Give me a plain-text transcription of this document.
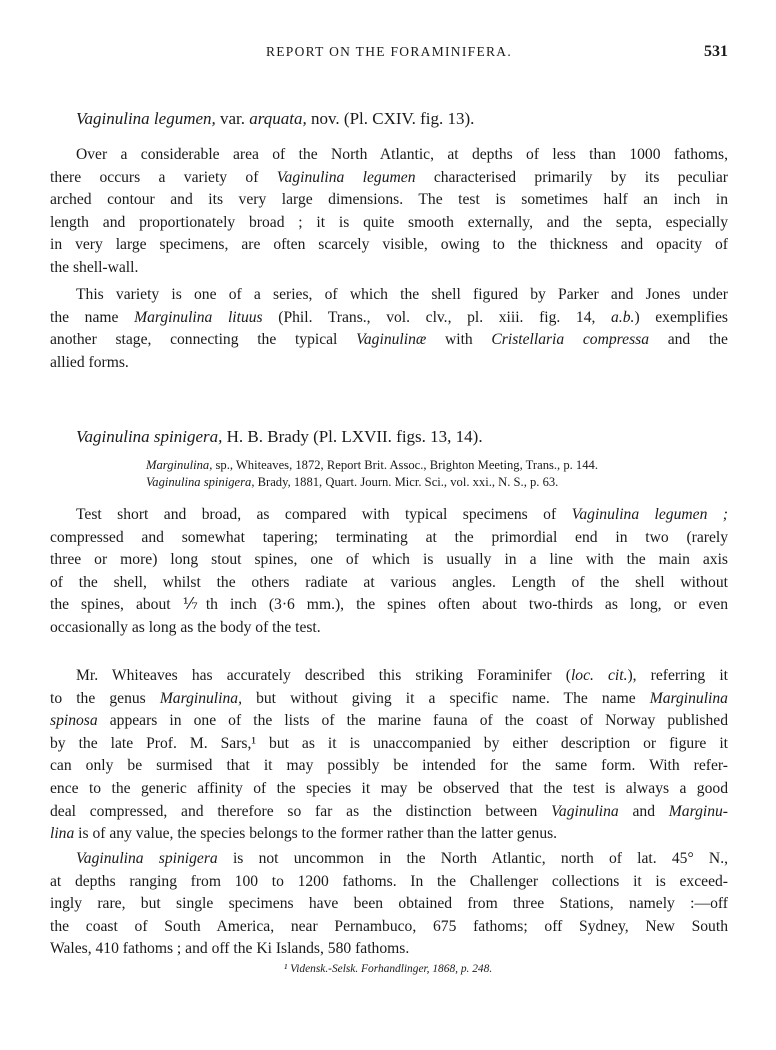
REPORT ON THE FORAMINIFERA.	531
Vaginulina legumen, var. arquata, nov. (Pl. CXIV. fig. 13).
Over a considerable area of the North Atlantic, at depths of less than 1000 fathoms,
there occurs a variety of Vaginulina legumen characterised primarily by its peculiar
arched contour and its very large dimensions. The test is sometimes half an inch in
length and proportionately broad ; it is quite smooth externally, and the septa, especially
in very large specimens, are often scarcely visible, owing to the thickness and opacity of
the shell-wall.
This variety is one of a series, of which the shell figured by Parker and Jones under
the name Marginulina lituus (Phil. Trans., vol. clv., pl. xiii. fig. 14, a.b.) exemplifies
another stage, connecting the typical Vaginulinæ with Cristellaria compressa and the
allied forms.
Vaginulina spinigera, H. B. Brady (Pl. LXVII. figs. 13, 14).
Marginulina, sp., Whiteaves, 1872, Report Brit. Assoc., Brighton Meeting, Trans., p. 144.
Vaginulina spinigera, Brady, 1881, Quart. Journ. Micr. Sci., vol. xxi., N. S., p. 63.
Test short and broad, as compared with typical specimens of Vaginulina legumen ;
compressed and somewhat tapering; terminating at the primordial end in two (rarely
three or more) long stout spines, one of which is usually in a line with the main axis
of the shell, whilst the others radiate at various angles. Length of the shell without
the spines, about ⅐th inch (3·6 mm.), the spines often about two-thirds as long, or even
occasionally as long as the body of the test.
Mr. Whiteaves has accurately described this striking Foraminifer (loc. cit.), referring it
to the genus Marginulina, but without giving it a specific name. The name Marginulina
spinosa appears in one of the lists of the marine fauna of the coast of Norway published
by the late Prof. M. Sars,¹ but as it is unaccompanied by either description or figure it
can only be surmised that it may possibly be intended for the same form. With refer-
ence to the generic affinity of the species it may be observed that the test is always a good
deal compressed, and therefore so far as the distinction between Vaginulina and Marginu-
lina is of any value, the species belongs to the former rather than the latter genus.
Vaginulina spinigera is not uncommon in the North Atlantic, north of lat. 45° N.,
at depths ranging from 100 to 1200 fathoms. In the Challenger collections it is exceed-
ingly rare, but single specimens have been obtained from three Stations, namely :—off
the coast of South America, near Pernambuco, 675 fathoms; off Sydney, New South
Wales, 410 fathoms ; and off the Ki Islands, 580 fathoms.
¹ Vidensk.-Selsk. Forhandlinger, 1868, p. 248.
